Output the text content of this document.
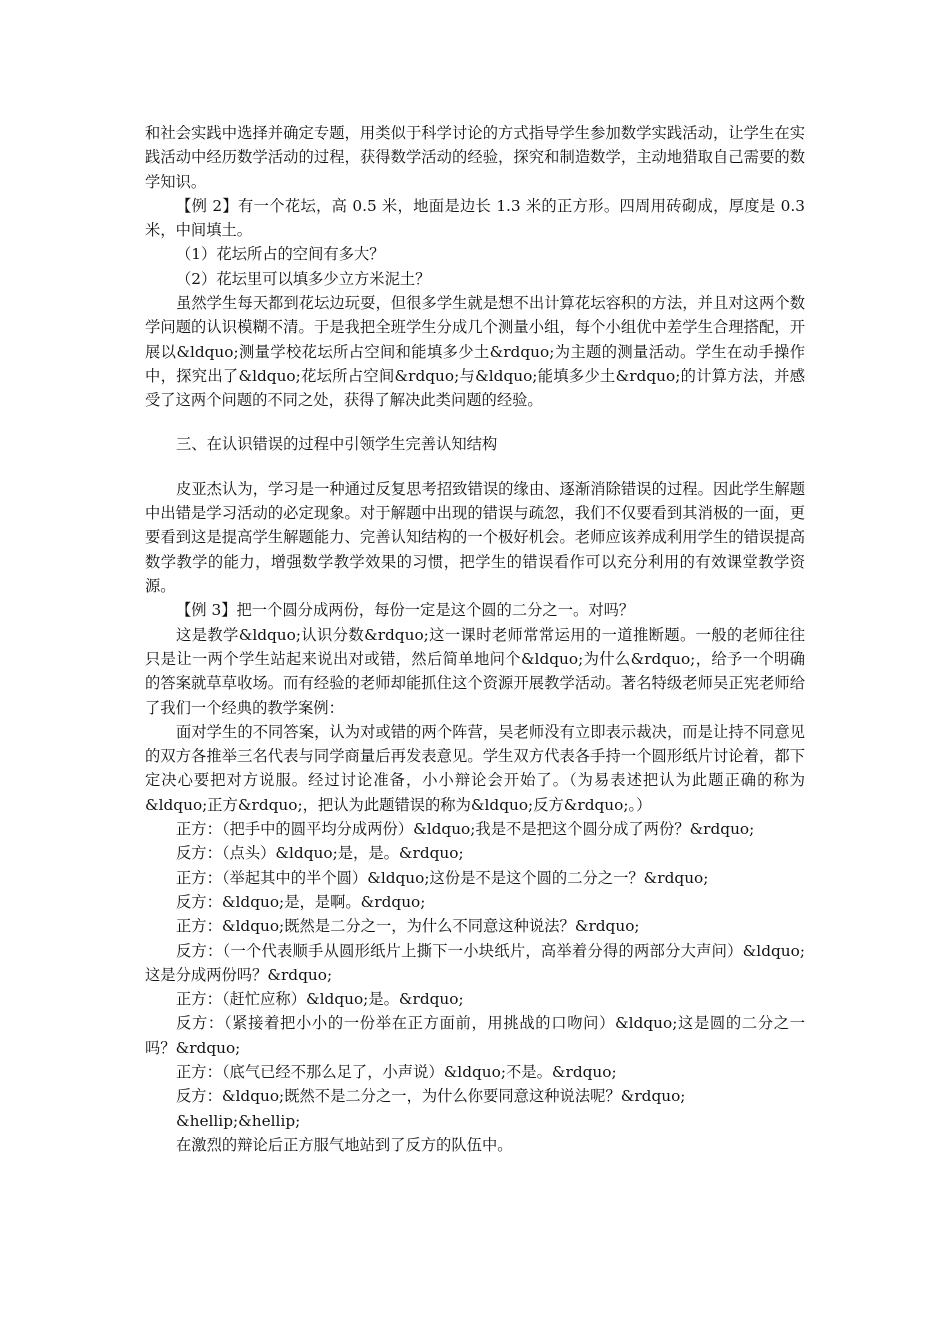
和社会实践中选择并确定专题，用类似于科学讨论的方式指导学生参加数学实践活动，让学生在实践活动中经历数学活动的过程，获得数学活动的经验，探究和制造数学，主动地猎取自己需要的数学知识。

【例 2】有一个花坛，高 0.5 米，地面是边长 1.3 米的正方形。四周用砖砌成，厚度是 0.3 米，中间填土。

（1）花坛所占的空间有多大？

（2）花坛里可以填多少立方米泥土？

虽然学生每天都到花坛边玩耍，但很多学生就是想不出计算花坛容积的方法，并且对这两个数学问题的认识模糊不清。于是我把全班学生分成几个测量小组，每个小组优中差学生合理搭配，开展以&ldquo;测量学校花坛所占空间和能填多少土&rdquo;为主题的测量活动。学生在动手操作中，探究出了&ldquo;花坛所占空间&rdquo;与&ldquo;能填多少土&rdquo;的计算方法，并感受了这两个问题的不同之处，获得了解决此类问题的经验。

三、在认识错误的过程中引领学生完善认知结构

皮亚杰认为，学习是一种通过反复思考招致错误的缘由、逐渐消除错误的过程。因此学生解题中出错是学习活动的必定现象。对于解题中出现的错误与疏忽，我们不仅要看到其消极的一面，更要看到这是提高学生解题能力、完善认知结构的一个极好机会。老师应该养成利用学生的错误提高数学教学的能力，增强数学教学效果的习惯，把学生的错误看作可以充分利用的有效课堂教学资源。

【例 3】把一个圆分成两份，每份一定是这个圆的二分之一。对吗？

这是教学&ldquo;认识分数&rdquo;这一课时老师常常运用的一道推断题。一般的老师往往只是让一两个学生站起来说出对或错，然后简单地问个&ldquo;为什么&rdquo;，给予一个明确的答案就草草收场。而有经验的老师却能抓住这个资源开展教学活动。著名特级老师吴正宪老师给了我们一个经典的教学案例：

面对学生的不同答案，认为对或错的两个阵营，吴老师没有立即表示裁决，而是让持不同意见的双方各推举三名代表与同学商量后再发表意见。学生双方代表各手持一个圆形纸片讨论着，都下定决心要把对方说服。经过讨论准备，小小辩论会开始了。（为易表述把认为此题正确的称为&ldquo;正方&rdquo;，把认为此题错误的称为&ldquo;反方&rdquo;。）

正方：（把手中的圆平均分成两份）&ldquo;我是不是把这个圆分成了两份？&rdquo;

反方：（点头）&ldquo;是，是。&rdquo;

正方：（举起其中的半个圆）&ldquo;这份是不是这个圆的二分之一？&rdquo;

反方：&ldquo;是，是啊。&rdquo;

正方：&ldquo;既然是二分之一，为什么不同意这种说法？&rdquo;

反方：（一个代表顺手从圆形纸片上撕下一小块纸片，高举着分得的两部分大声问）&ldquo;这是分成两份吗？&rdquo;

正方：（赶忙应称）&ldquo;是。&rdquo;

反方：（紧接着把小小的一份举在正方面前，用挑战的口吻问）&ldquo;这是圆的二分之一吗？&rdquo;

正方：（底气已经不那么足了，小声说）&ldquo;不是。&rdquo;

反方：&ldquo;既然不是二分之一，为什么你要同意这种说法呢？&rdquo;

&hellip;&hellip;

在激烈的辩论后正方服气地站到了反方的队伍中。
